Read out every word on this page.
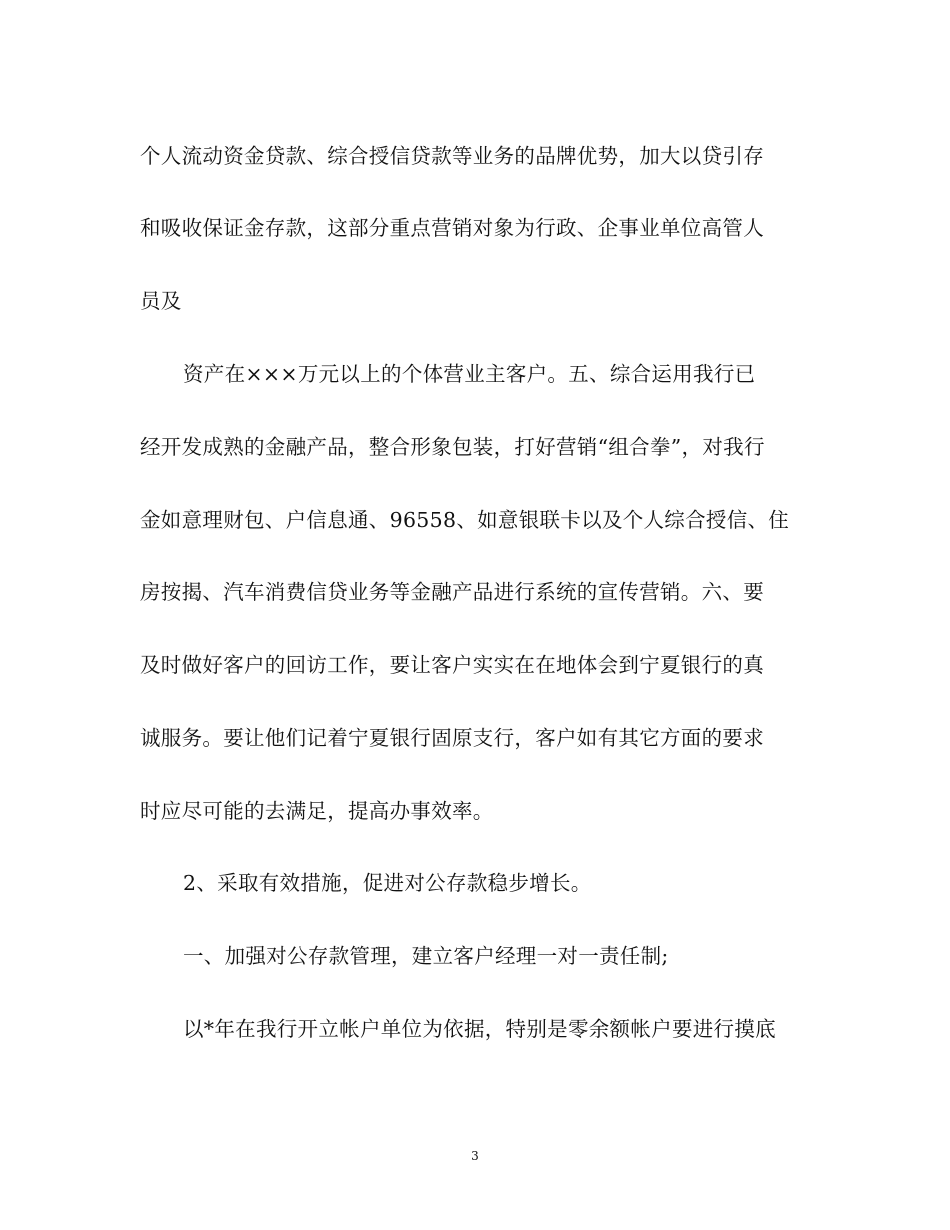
个人流动资金贷款、综合授信贷款等业务的品牌优势，加大以贷引存
和吸收保证金存款，这部分重点营销对象为行政、企事业单位高管人
员及
资产在×××万元以上的个体营业主客户。五、综合运用我行已
经开发成熟的金融产品，整合形象包装，打好营销“组合拳”，对我行
金如意理财包、户信息通、96558、如意银联卡以及个人综合授信、住
房按揭、汽车消费信贷业务等金融产品进行系统的宣传营销。六、要
及时做好客户的回访工作，要让客户实实在在地体会到宁夏银行的真
诚服务。要让他们记着宁夏银行固原支行，客户如有其它方面的要求
时应尽可能的去满足，提高办事效率。
2、采取有效措施，促进对公存款稳步增长。
一、加强对公存款管理，建立客户经理一对一责任制;
以*年在我行开立帐户单位为依据，特别是零余额帐户要进行摸底
3
